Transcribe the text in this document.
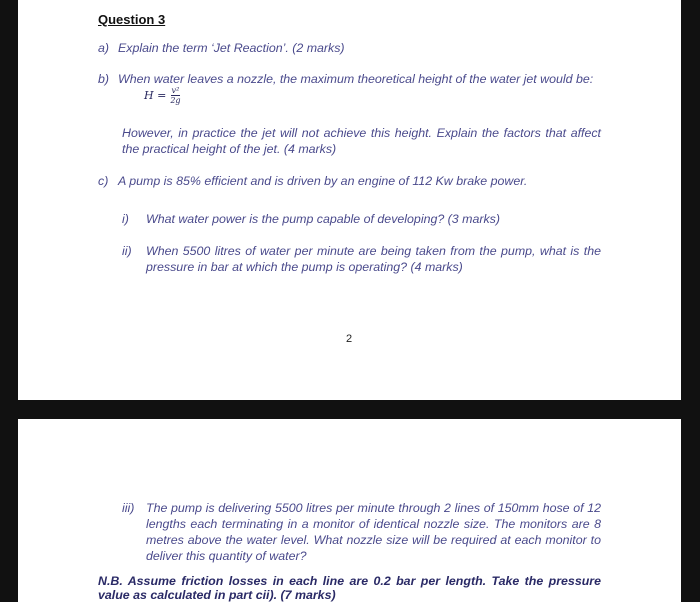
Question 3
a) Explain the term ‘Jet Reaction’. (2 marks)
b) When water leaves a nozzle, the maximum theoretical height of the water jet would be:
$H = \frac{\text{v²}}{2g}$
However, in practice the jet will not achieve this height. Explain the factors that affect the practical height of the jet. (4 marks)
c) A pump is 85% efficient and is driven by an engine of 112 Kw brake power.
i) What water power is the pump capable of developing? (3 marks)
ii) When 5500 litres of water per minute are being taken from the pump, what is the pressure in bar at which the pump is operating? (4 marks)
2
iii) The pump is delivering 5500 litres per minute through 2 lines of 150mm hose of 12 lengths each terminating in a monitor of identical nozzle size. The monitors are 8 metres above the water level. What nozzle size will be required at each monitor to deliver this quantity of water?
N.B. Assume friction losses in each line are 0.2 bar per length. Take the pressure value as calculated in part cii). (7 marks)
